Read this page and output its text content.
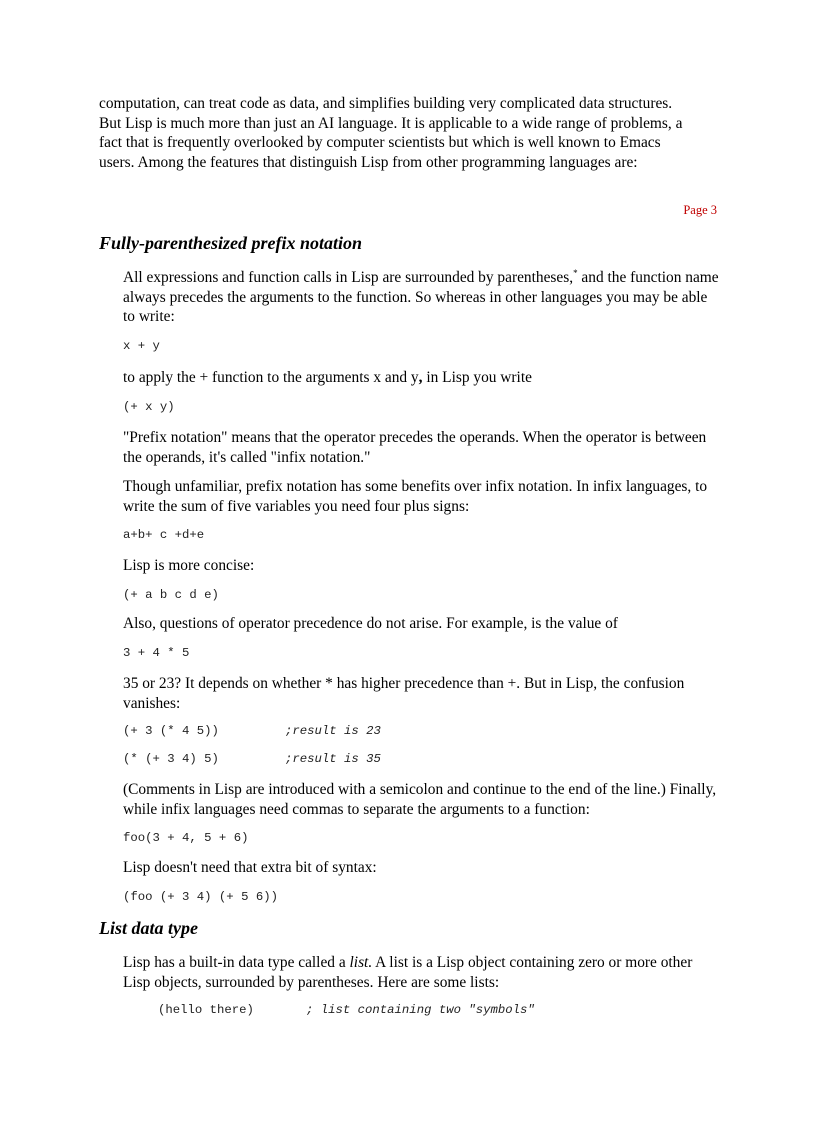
computation, can treat code as data, and simplifies building very complicated data structures.
But Lisp is much more than just an AI language. It is applicable to a wide range of problems, a
fact that is frequently overlooked by computer scientists but which is well known to Emacs
users. Among the features that distinguish Lisp from other programming languages are:

Page 3

Fully-parenthesized prefix notation

All expressions and function calls in Lisp are surrounded by parentheses,* and the function name always precedes the arguments to the function. So whereas in other languages you may be able to write:

x + y

to apply the + function to the arguments x and y, in Lisp you write

(+ x y)

"Prefix notation" means that the operator precedes the operands. When the operator is between the operands, it's called "infix notation."

Though unfamiliar, prefix notation has some benefits over infix notation. In infix languages, to write the sum of five variables you need four plus signs:

a+b+ c +d+e

Lisp is more concise:

(+ a b c d e)

Also, questions of operator precedence do not arise. For example, is the value of

3 + 4 * 5

35 or 23? It depends on whether * has higher precedence than +. But in Lisp, the confusion vanishes:

(+ 3 (* 4 5))	;result is 23
(* (+ 3 4) 5)	;result is 35

(Comments in Lisp are introduced with a semicolon and continue to the end of the line.) Finally, while infix languages need commas to separate the arguments to a function:

foo(3 + 4, 5 + 6)

Lisp doesn't need that extra bit of syntax:

(foo (+ 3 4) (+ 5 6))
List data type

Lisp has a built-in data type called a list. A list is a Lisp object containing zero or more other Lisp objects, surrounded by parentheses. Here are some lists:

(hello there)	; list containing two "symbols"
